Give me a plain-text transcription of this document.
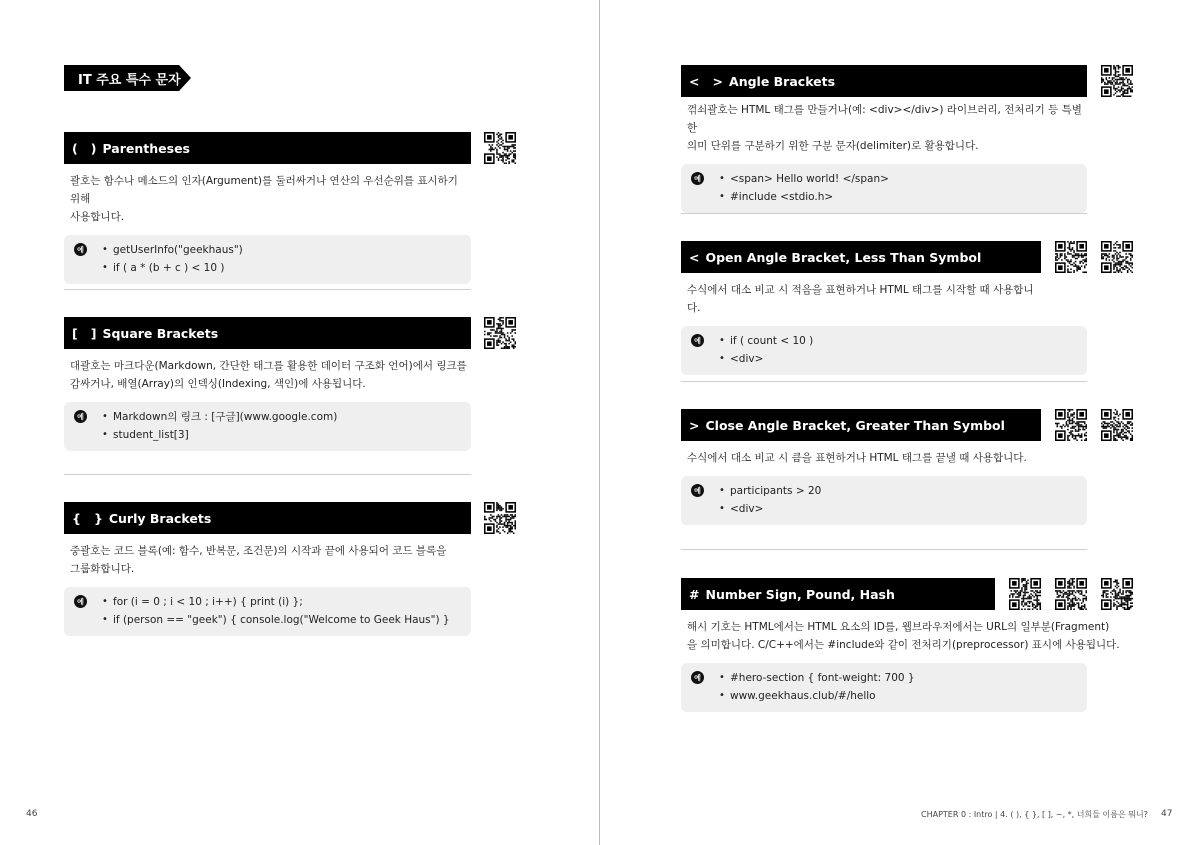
IT 주요 특수 문자
(   ) Parentheses
괄호는 함수나 메소드의 인자(Argument)를 둘러싸거나 연산의 우선순위를 표시하기 위해
사용합니다.
예	• getUserInfo("geekhaus")
• if ( a * (b + c ) < 10 )
[   ] Square Brackets
대괄호는 마크다운(Markdown, 간단한 태그를 활용한 데이터 구조화 언어)에서 링크를
감싸거나, 배열(Array)의 인덱싱(Indexing, 색인)에 사용됩니다.
예	• Markdown의 링크 : [구글](www.google.com)
• student_list[3]
{   } Curly Brackets
중괄호는 코드 블록(예: 함수, 반복문, 조건문)의 시작과 끝에 사용되어 코드 블록을
그룹화합니다.
예	• for (i = 0 ; i < 10 ; i++) { print (i) };
• if (person == "geek") { console.log("Welcome to Geek Haus") }
46
<   > Angle Brackets
꺾쇠괄호는 HTML 태그를 만들거나(예: <div></div>) 라이브러리, 전처리기 등 특별한
의미 단위를 구분하기 위한 구분 문자(delimiter)로 활용합니다.
예	• <span> Hello world! </span>
• #include <stdio.h>
< Open Angle Bracket, Less Than Symbol
수식에서 대소 비교 시 적음을 표현하거나 HTML 태그를 시작할 때 사용합니다.
예	• if ( count < 10 )
• <div>
> Close Angle Bracket, Greater Than Symbol
수식에서 대소 비교 시 큼을 표현하거나 HTML 태그를 끝낼 때 사용합니다.
예	• participants > 20
• <div>
# Number Sign, Pound, Hash
해시 기호는 HTML에서는 HTML 요소의 ID를, 웹브라우저에서는 URL의 일부분(Fragment)
을 의미합니다. C/C++에서는 #include와 같이 전처리기(preprocessor) 표시에 사용됩니다.
예	• #hero-section { font-weight: 700 }
• www.geekhaus.club/#/hello
CHAPTER 0 : Intro | 4. ( ), { }, [ ], ~, *, 너희들 이름은 뭐니? 47
